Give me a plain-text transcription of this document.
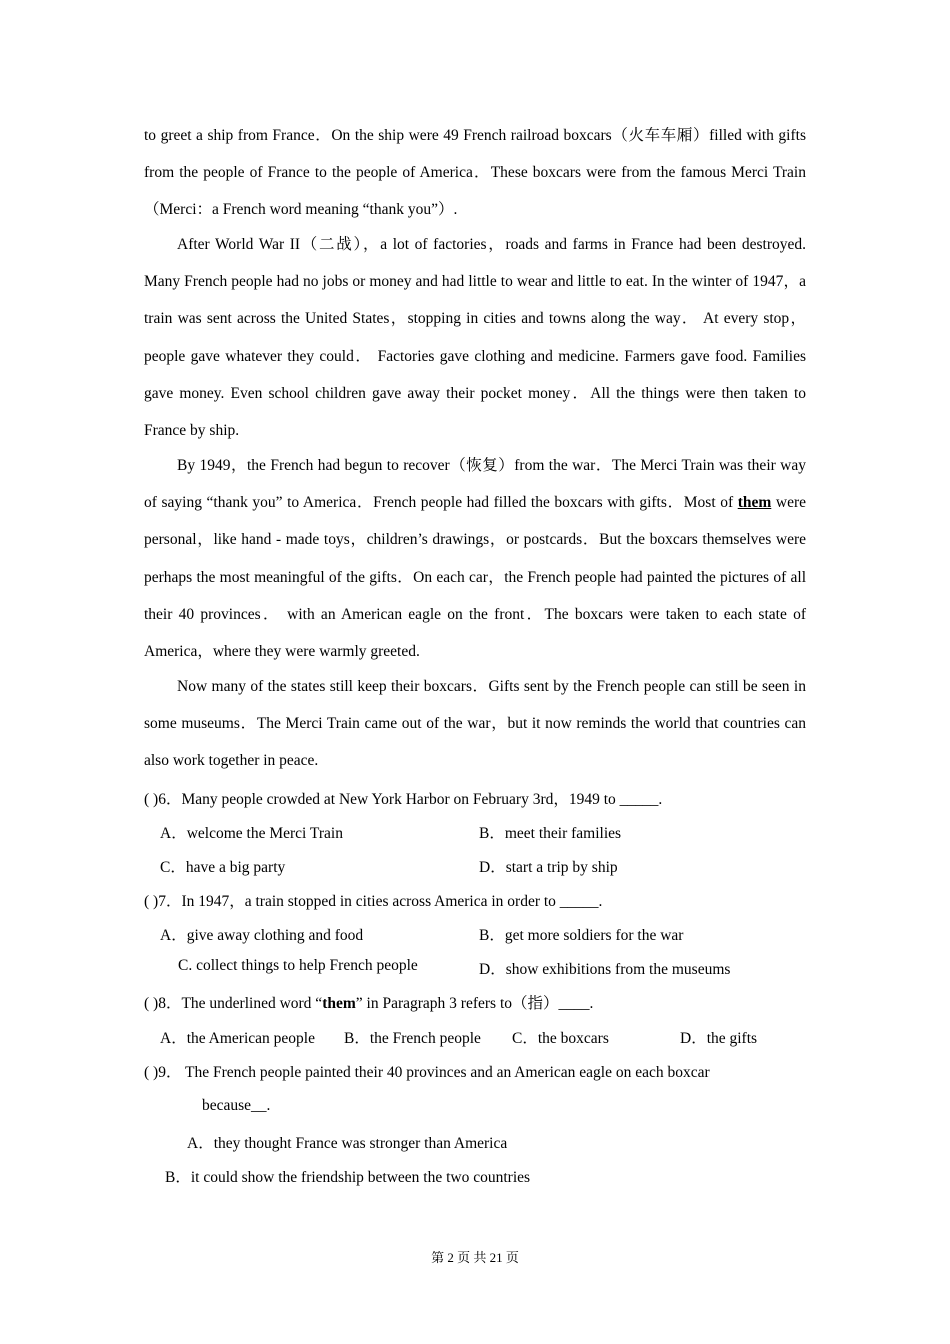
to greet a ship from France．On the ship were 49 French railroad boxcars（火车车厢）filled with gifts from the people of France to the people of America．These boxcars were from the famous Merci Train（Merci：a French word meaning “thank you”）.

After World War II（二战），a lot of factories，roads and farms in France had been destroyed. Many French people had no jobs or money and had little to wear and little to eat. In the winter of 1947，a train was sent across the United States，stopping in cities and towns along the way． At every stop， people gave whatever they could． Factories gave clothing and medicine. Farmers gave food. Families gave money. Even school children gave away their pocket money．All the things were then taken to France by ship.

By 1949，the French had begun to recover（恢复）from the war．The Merci Train was their way of saying “thank you” to America．French people had filled the boxcars with gifts．Most of them were personal，like hand - made toys，children’s drawings，or postcards．But the boxcars themselves were perhaps the most meaningful of the gifts．On each car，the French people had painted the pictures of all their 40 provinces． with an American eagle on the front．The boxcars were taken to each state of America，where they were warmly greeted.

Now many of the states still keep their boxcars．Gifts sent by the French people can still be seen in some museums．The Merci Train came out of the war，but it now reminds the world that countries can also work together in peace.

( )6．Many people crowded at New York Harbor on February 3rd，1949 to _____.

A．welcome the Merci Train	B．meet their families

C．have a big party	D．start a trip by ship

( )7．In 1947，a train stopped in cities across America in order to _____.

A．give away clothing and food	B．get more soldiers for the war

C. collect things to help French people	D．show exhibitions from the museums

( )8．The underlined word “them” in Paragraph 3 refers to（指）____.

A．the American people B．the French people C．the boxcars	D．the gifts

( )9． The French people painted their 40 provinces and an American eagle on each boxcar

because__.

A．they thought France was stronger than America

B．it could show the friendship between the two countries

第 2 页 共 21 页
